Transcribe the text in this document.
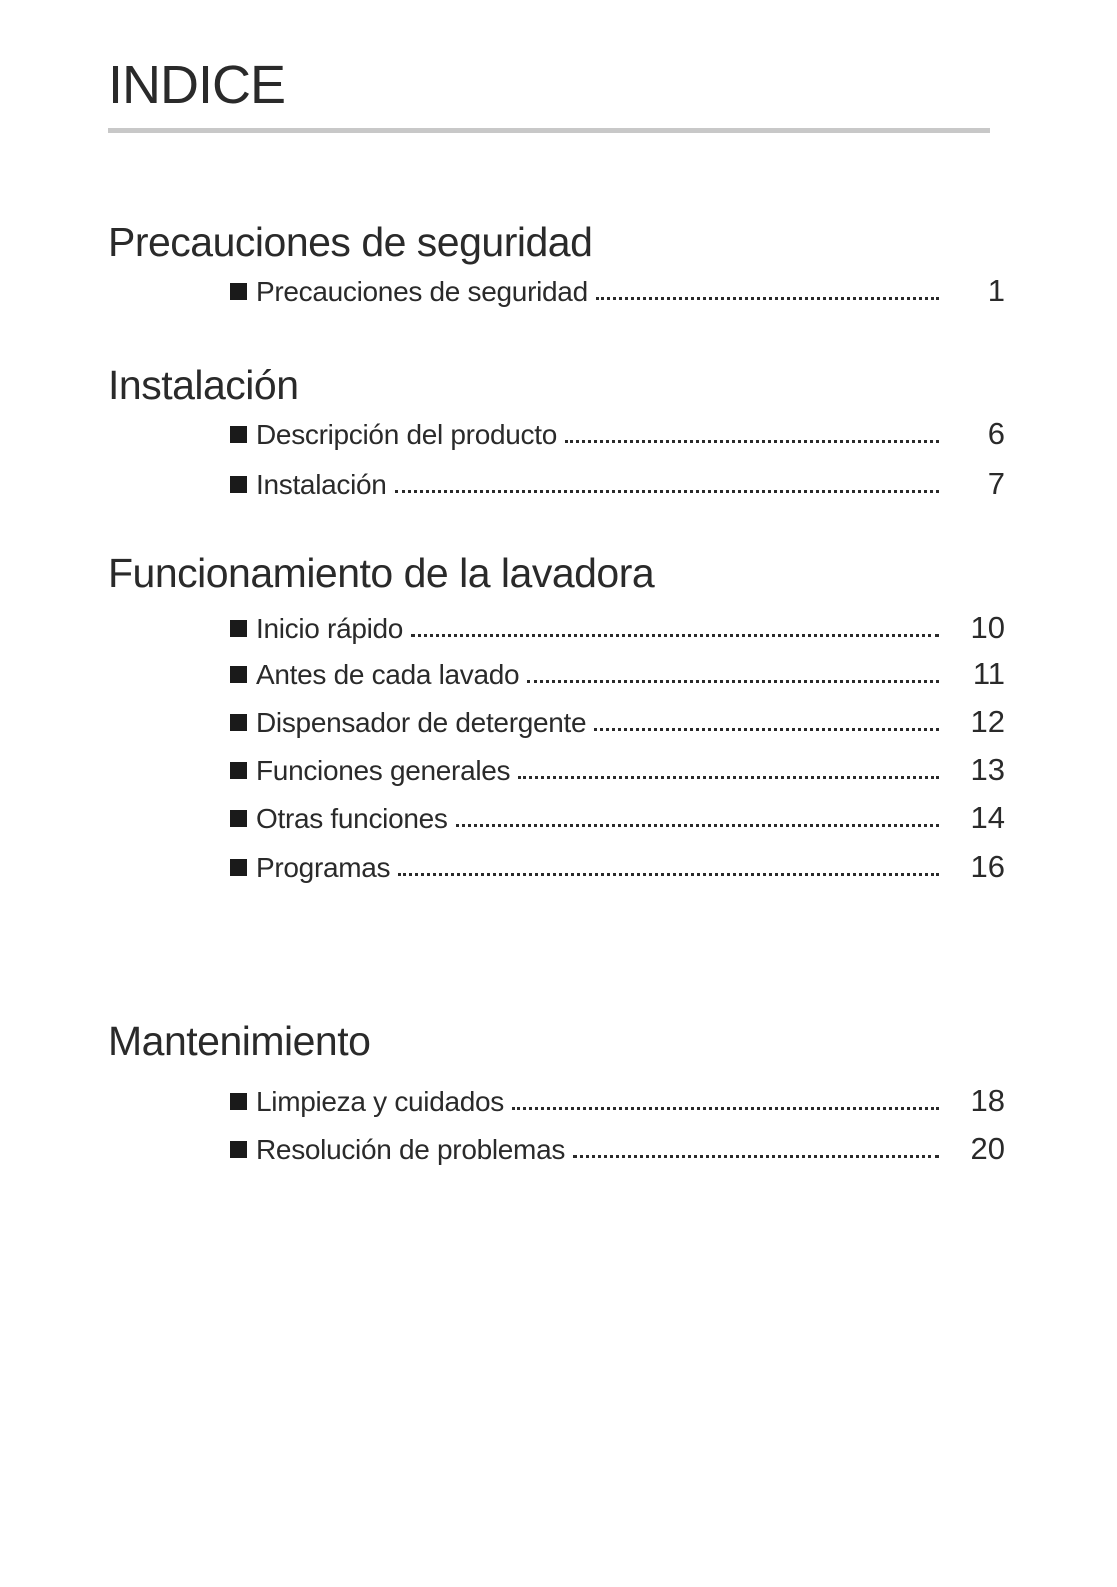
INDICE
Precauciones de seguridad
Precauciones de seguridad	1
Instalación
Descripción del producto	6
Instalación	7
Funcionamiento de la lavadora
Inicio rápido	10
Antes de cada lavado	11
Dispensador de detergente	12
Funciones generales	13
Otras funciones	14
Programas	16
Mantenimiento
Limpieza y cuidados	18
Resolución de problemas	20
